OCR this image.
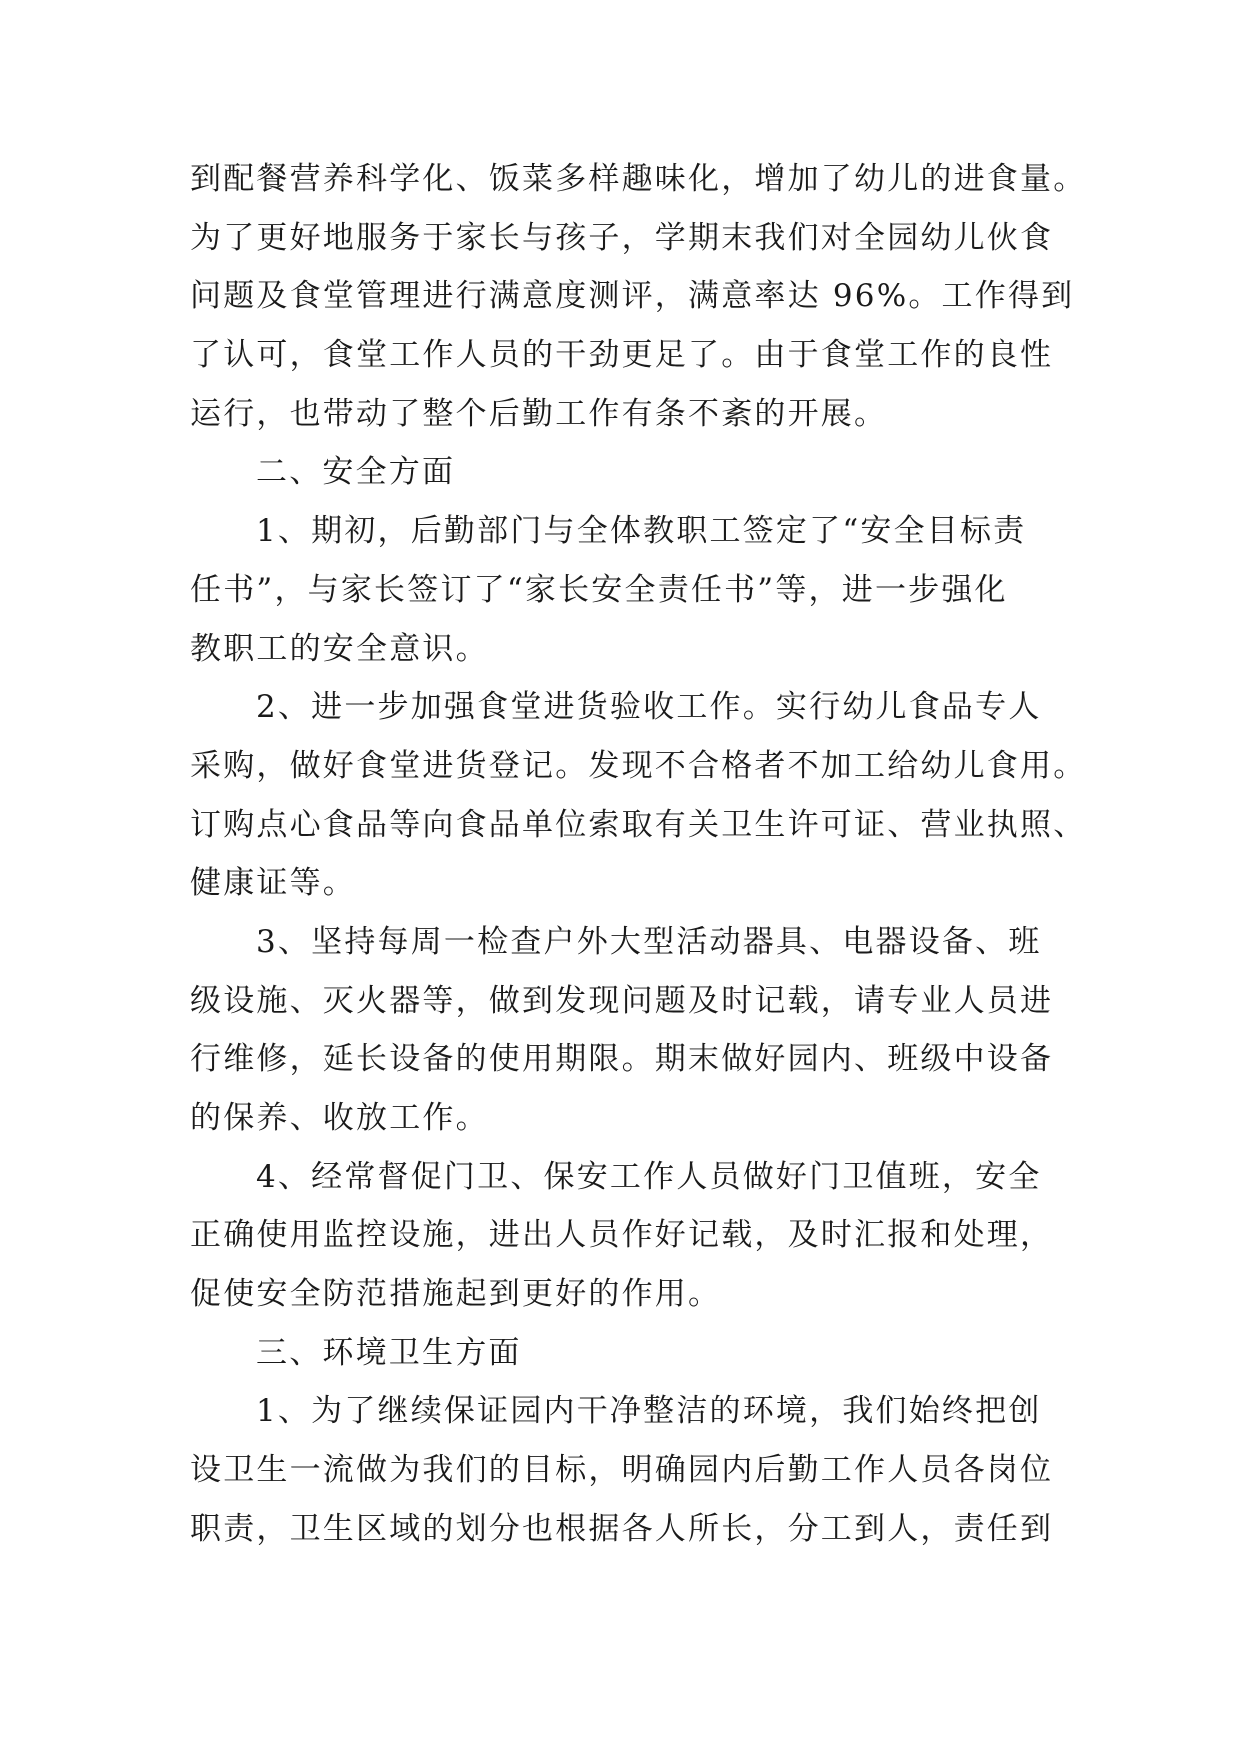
到配餐营养科学化、饭菜多样趣味化，增加了幼儿的进食量。
为了更好地服务于家长与孩子，学期末我们对全园幼儿伙食
问题及食堂管理进行满意度测评，满意率达 96%。工作得到
了认可，食堂工作人员的干劲更足了。由于食堂工作的良性
运行，也带动了整个后勤工作有条不紊的开展。
二、安全方面
1、期初，后勤部门与全体教职工签定了“安全目标责
任书”，与家长签订了“家长安全责任书”等，进一步强化
教职工的安全意识。
2、进一步加强食堂进货验收工作。实行幼儿食品专人
采购，做好食堂进货登记。发现不合格者不加工给幼儿食用。
订购点心食品等向食品单位索取有关卫生许可证、营业执照、
健康证等。
3、坚持每周一检查户外大型活动器具、电器设备、班
级设施、灭火器等，做到发现问题及时记载，请专业人员进
行维修，延长设备的使用期限。期末做好园内、班级中设备
的保养、收放工作。
4、经常督促门卫、保安工作人员做好门卫值班，安全
正确使用监控设施，进出人员作好记载，及时汇报和处理，
促使安全防范措施起到更好的作用。
三、环境卫生方面
1、为了继续保证园内干净整洁的环境，我们始终把创
设卫生一流做为我们的目标，明确园内后勤工作人员各岗位
职责，卫生区域的划分也根据各人所长，分工到人，责任到
